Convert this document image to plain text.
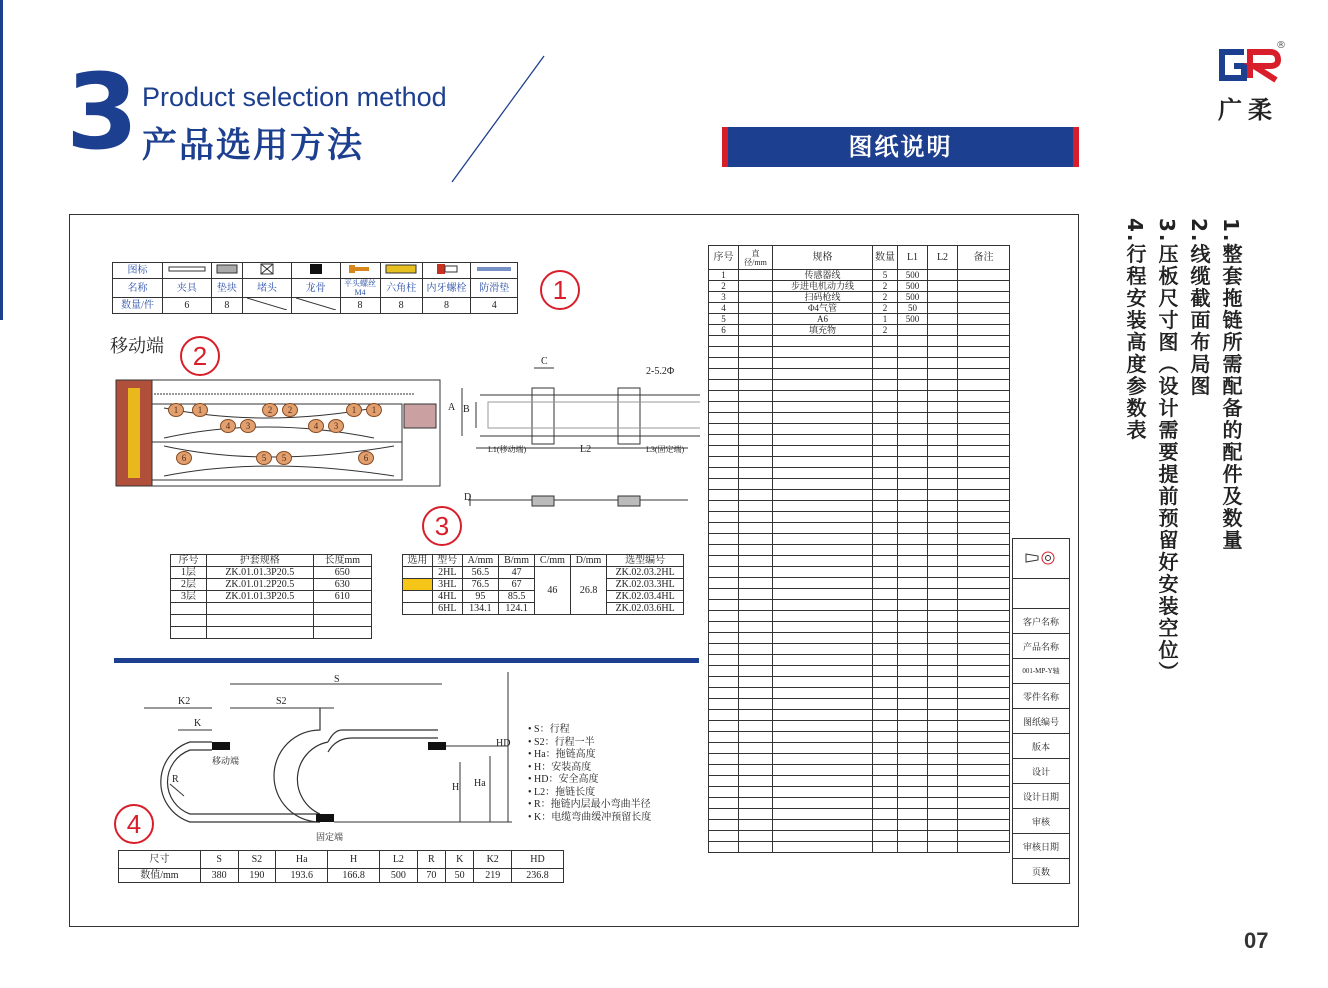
3 Product selection method
产品选用方法
®
广柔
图纸说明
1.整套拖链所需配备的配件及数量
2.线缆截面布局图
3.压板尺寸图（设计需要提前预留好安装空位）
4.行程安装高度参数表
图标								
名称	夹具	垫块	堵头	龙骨	平头螺丝M4	六角柱	内牙螺栓	防滑垫
数量/件	6	8			8	8	8	4
1
移动端	2
1	1	2	2	1	1
4	3	4	3
6	5	5	6
C
2-5.2Φ
A B
L1(移动端)	L2	L3(固定端)
D
3
序号	护套规格	长度mm
1层	ZK.01.01.3P20.5	650
2层	ZK.01.01.2P20.5	630
3层	ZK.01.01.3P20.5	610

选用	型号	A/mm	B/mm	C/mm	D/mm	选型编号
	2HL	56.5	47	46	26.8	ZK.02.03.2HL
	3HL	76.5	67			ZK.02.03.3HL
	4HL	95	85.5			ZK.02.03.4HL
	6HL	134.1	124.1			ZK.02.03.6HL
序号	直径/mm	规格	数量	L1	L2	备注
1		传感器线	5	500		
2		步进电机动力线	2	500		
3		扫码枪线	2	500		
4		Φ4气管	2	50		
5		A6	1	500		
6		填充物	2			

客户名称
产品名称
001-MP-Y轴
零件名称
图纸编号
版本
设计
设计日期
审核
审核日期
页数
S
S2
K2
K
R
移动端
固定端
H Ha
HD
4
• S：行程
• S2：行程一半
• Ha：拖链高度
• H：安装高度
• HD：安全高度
• L2：拖链长度
• R：拖链内层最小弯曲半径
• K：电缆弯曲缓冲预留长度
尺寸	S	S2	Ha	H	L2	R	K	K2	HD
数值/mm	380	190	193.6	166.8	500	70	50	219	236.8
07
